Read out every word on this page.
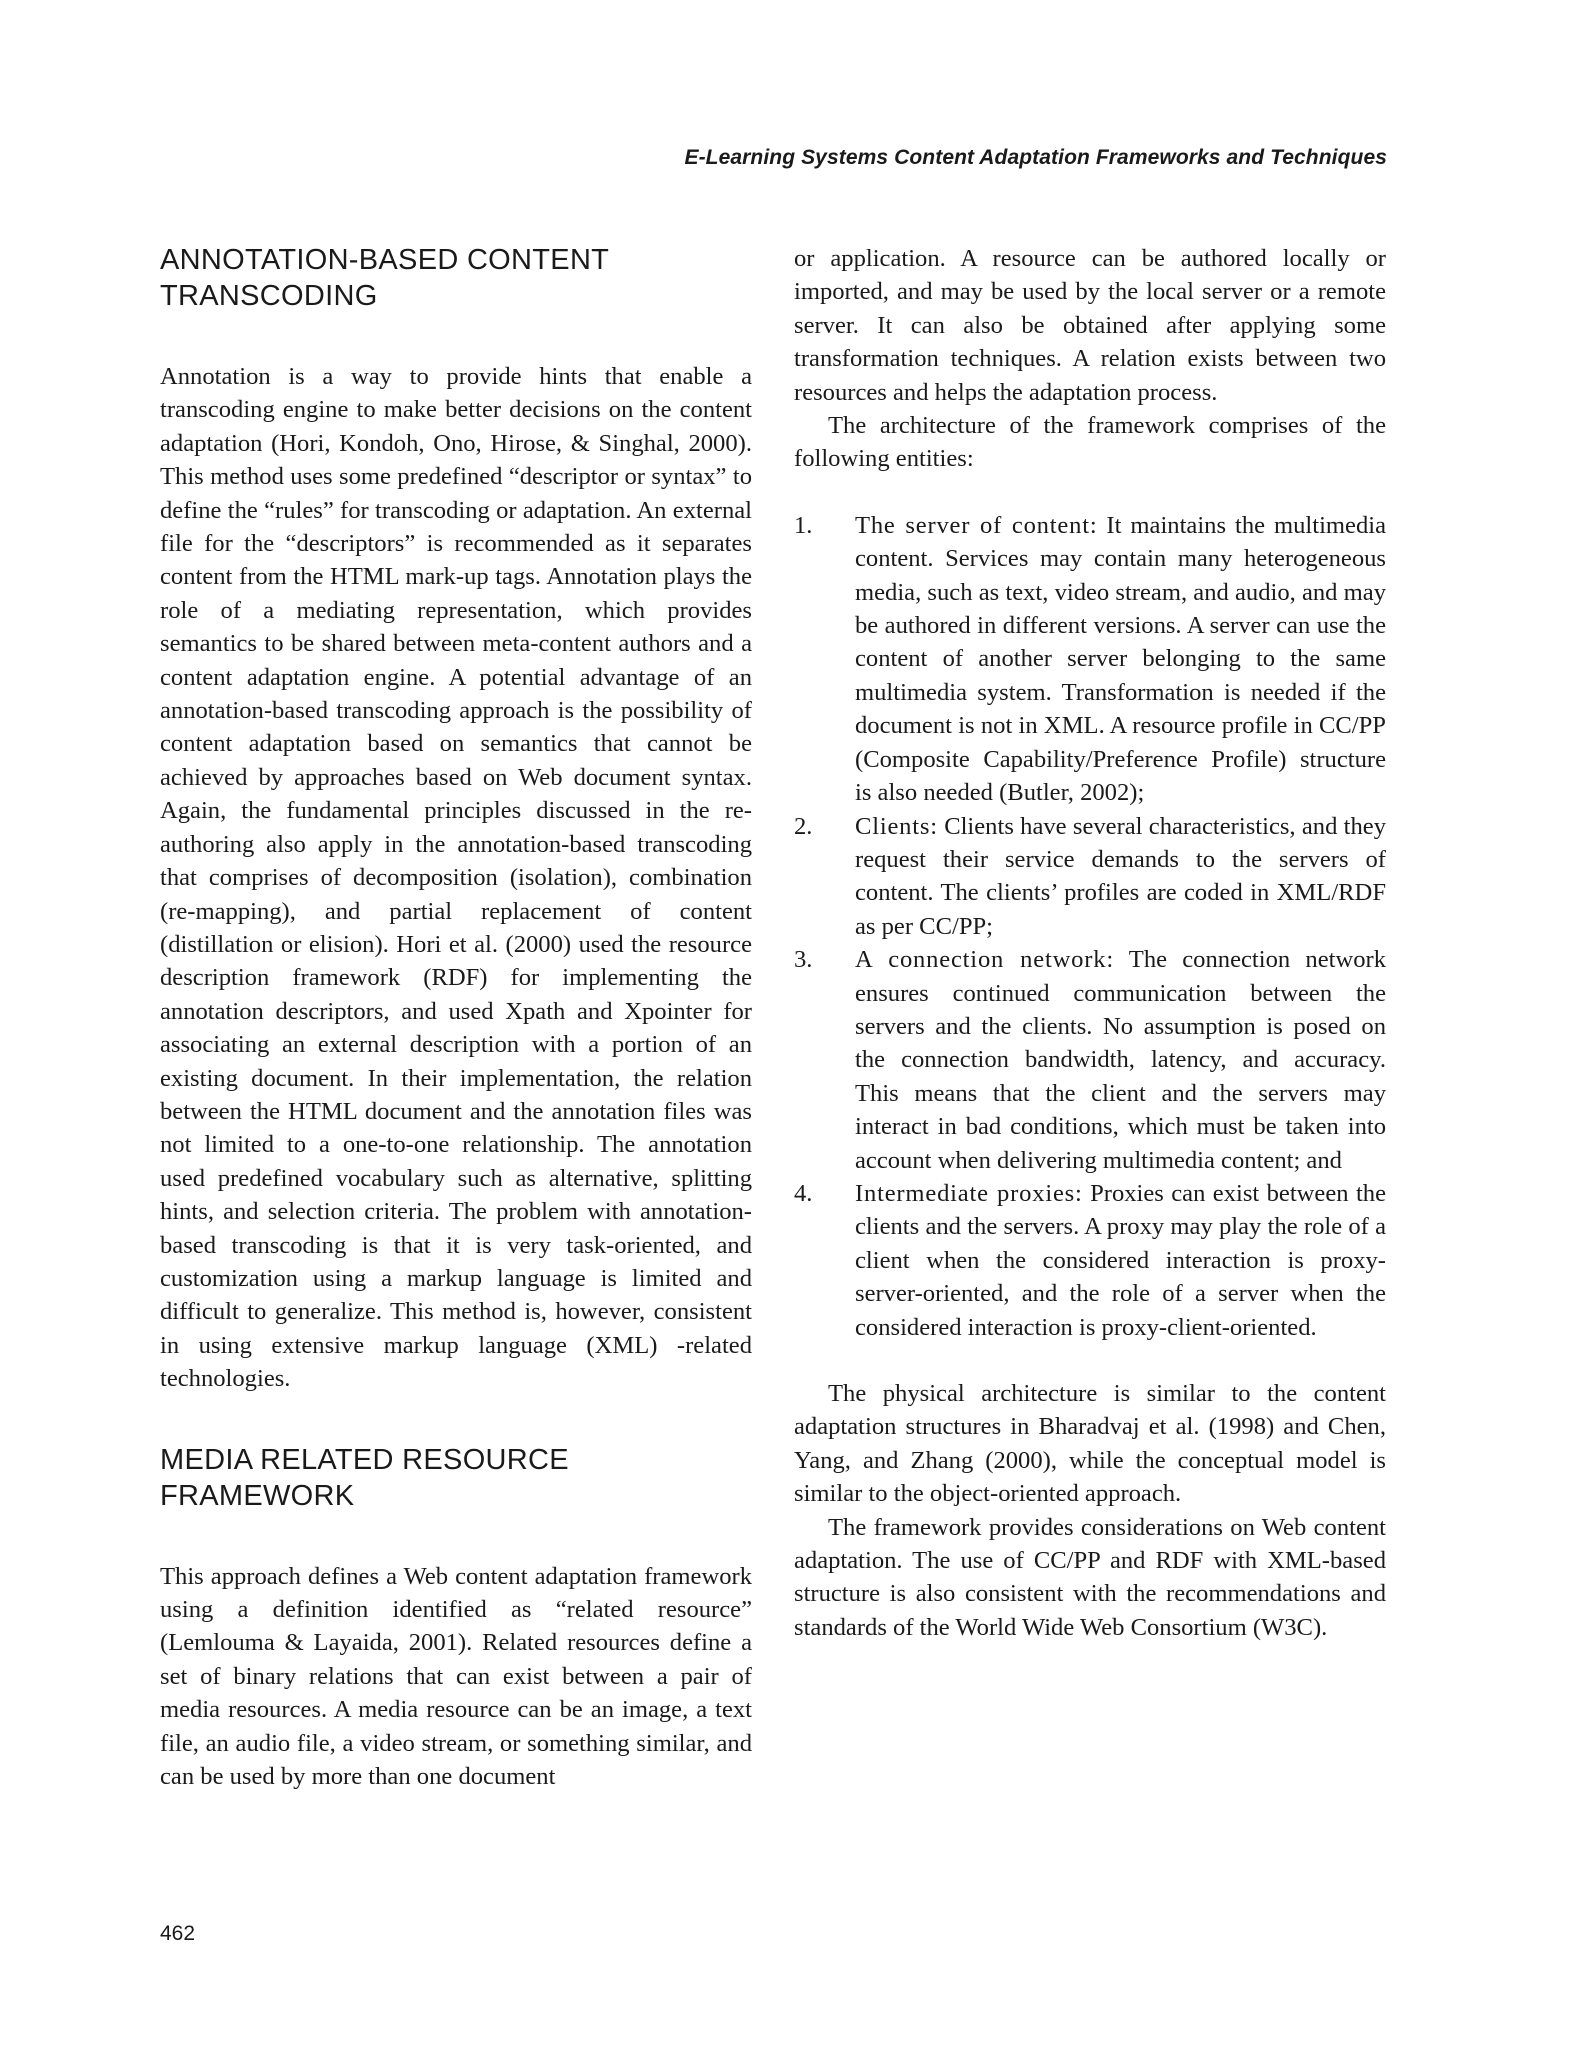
E-Learning Systems Content Adaptation Frameworks and Techniques
ANNOTATION-BASED CONTENT TRANSCODING

Annotation is a way to provide hints that enable a transcoding engine to make better decisions on the content adaptation (Hori, Kondoh, Ono, Hirose, & Singhal, 2000). This method uses some predefined “descriptor or syntax” to define the “rules” for transcoding or adaptation. An external file for the “descriptors” is recommended as it separates content from the HTML mark-up tags. Annotation plays the role of a mediating representation, which provides semantics to be shared between meta-content authors and a content adaptation engine. A potential advantage of an annotation-based transcoding approach is the possibility of content adaptation based on semantics that cannot be achieved by approaches based on Web document syntax. Again, the fundamental principles discussed in the re-authoring also apply in the annotation-based transcoding that comprises of decomposition (isolation), combination (re-mapping), and partial replacement of content (distillation or elision). Hori et al. (2000) used the resource description framework (RDF) for implementing the annotation descriptors, and used Xpath and Xpointer for associating an external description with a portion of an existing document. In their implementation, the relation between the HTML document and the annotation files was not limited to a one-to-one relationship. The annotation used predefined vocabulary such as alternative, splitting hints, and selection criteria. The problem with annotation-based transcoding is that it is very task-oriented, and customization using a markup language is limited and difficult to generalize. This method is, however, consistent in using extensive markup language (XML) -related technologies.

MEDIA RELATED RESOURCE FRAMEWORK

This approach defines a Web content adaptation framework using a definition identified as “related resource” (Lemlouma & Layaida, 2001). Related resources define a set of binary relations that can exist between a pair of media resources. A media resource can be an image, a text file, an audio file, a video stream, or something similar, and can be used by more than one document

or application. A resource can be authored locally or imported, and may be used by the local server or a remote server. It can also be obtained after applying some transformation techniques. A relation exists between two resources and helps the adaptation process.

The architecture of the framework comprises of the following entities:

1. The server of content: It maintains the multimedia content. Services may contain many heterogeneous media, such as text, video stream, and audio, and may be authored in different versions. A server can use the content of another server belonging to the same multimedia system. Transformation is needed if the document is not in XML. A resource profile in CC/PP (Composite Capability/Preference Profile) structure is also needed (Butler, 2002);
2. Clients: Clients have several characteristics, and they request their service demands to the servers of content. The clients’ profiles are coded in XML/RDF as per CC/PP;
3. A connection network: The connection network ensures continued communication between the servers and the clients. No assumption is posed on the connection bandwidth, latency, and accuracy. This means that the client and the servers may interact in bad conditions, which must be taken into account when delivering multimedia content; and
4. Intermediate proxies: Proxies can exist between the clients and the servers. A proxy may play the role of a client when the considered interaction is proxy-server-oriented, and the role of a server when the considered interaction is proxy-client-oriented.

The physical architecture is similar to the content adaptation structures in Bharadvaj et al. (1998) and Chen, Yang, and Zhang (2000), while the conceptual model is similar to the object-oriented approach.

The framework provides considerations on Web content adaptation. The use of CC/PP and RDF with XML-based structure is also consistent with the recommendations and standards of the World Wide Web Consortium (W3C).

462
